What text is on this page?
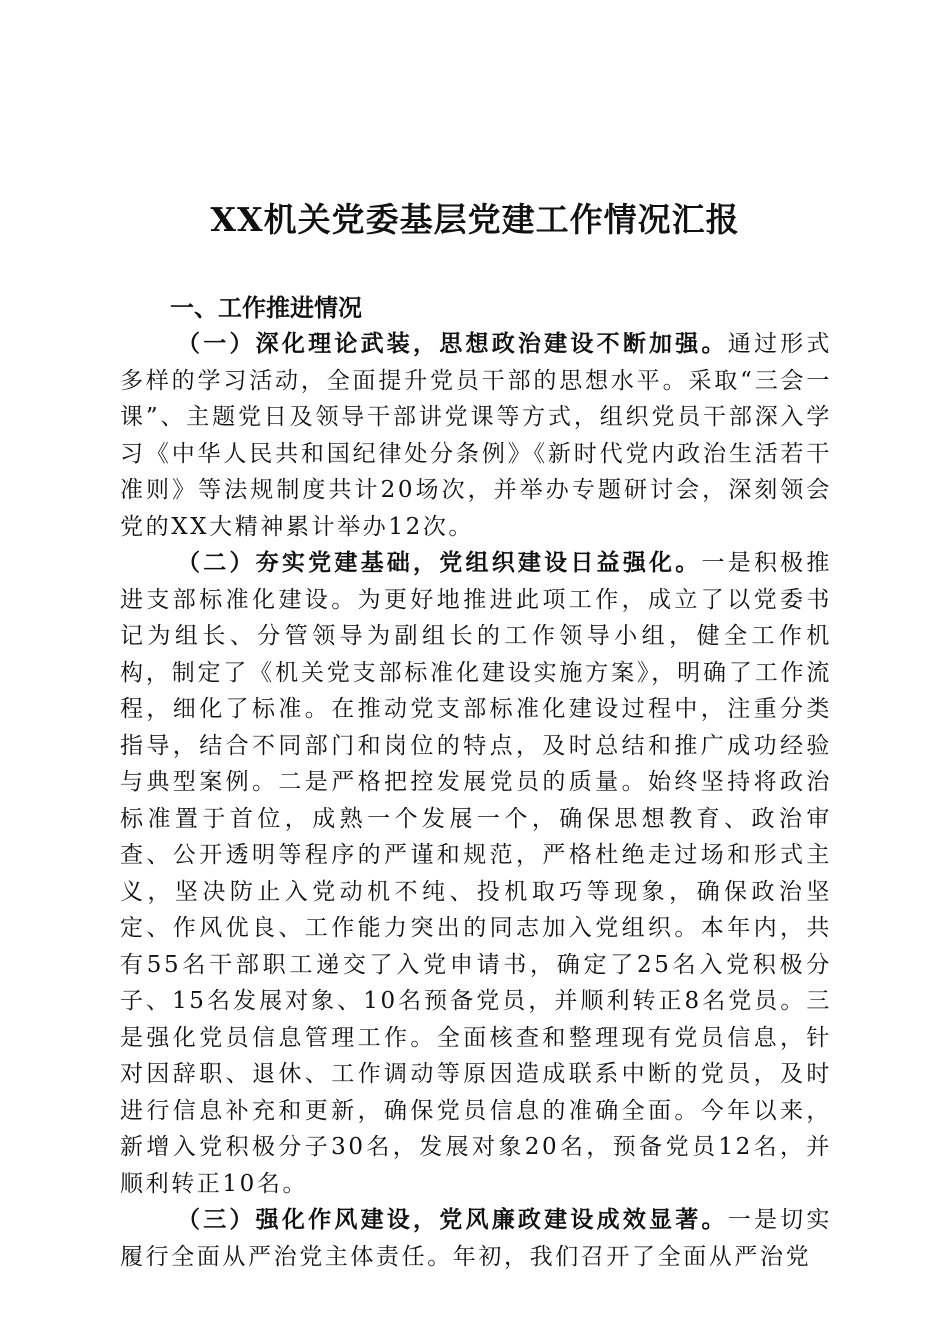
XX机关党委基层党建工作情况汇报
一、工作推进情况

（一）深化理论武装，思想政治建设不断加强。通过形式多样的学习活动，全面提升党员干部的思想水平。采取“三会一课”、主题党日及领导干部讲党课等方式，组织党员干部深入学习《中华人民共和国纪律处分条例》《新时代党内政治生活若干准则》等法规制度共计20场次，并举办专题研讨会，深刻领会党的XX大精神累计举办12次。

（二）夯实党建基础，党组织建设日益强化。一是积极推进支部标准化建设。为更好地推进此项工作，成立了以党委书记为组长、分管领导为副组长的工作领导小组，健全工作机构，制定了《机关党支部标准化建设实施方案》，明确了工作流程，细化了标准。在推动党支部标准化建设过程中，注重分类指导，结合不同部门和岗位的特点，及时总结和推广成功经验与典型案例。二是严格把控发展党员的质量。始终坚持将政治标准置于首位，成熟一个发展一个，确保思想教育、政治审查、公开透明等程序的严谨和规范，严格杜绝走过场和形式主义，坚决防止入党动机不纯、投机取巧等现象，确保政治坚定、作风优良、工作能力突出的同志加入党组织。本年内，共有55名干部职工递交了入党申请书，确定了25名入党积极分子、15名发展对象、10名预备党员，并顺利转正8名党员。三是强化党员信息管理工作。全面核查和整理现有党员信息，针对因辞职、退休、工作调动等原因造成联系中断的党员，及时进行信息补充和更新，确保党员信息的准确全面。今年以来，新增入党积极分子30名，发展对象20名，预备党员12名，并顺利转正10名。

（三）强化作风建设，党风廉政建设成效显著。一是切实履行全面从严治党主体责任。年初，我们召开了全面从严治党
